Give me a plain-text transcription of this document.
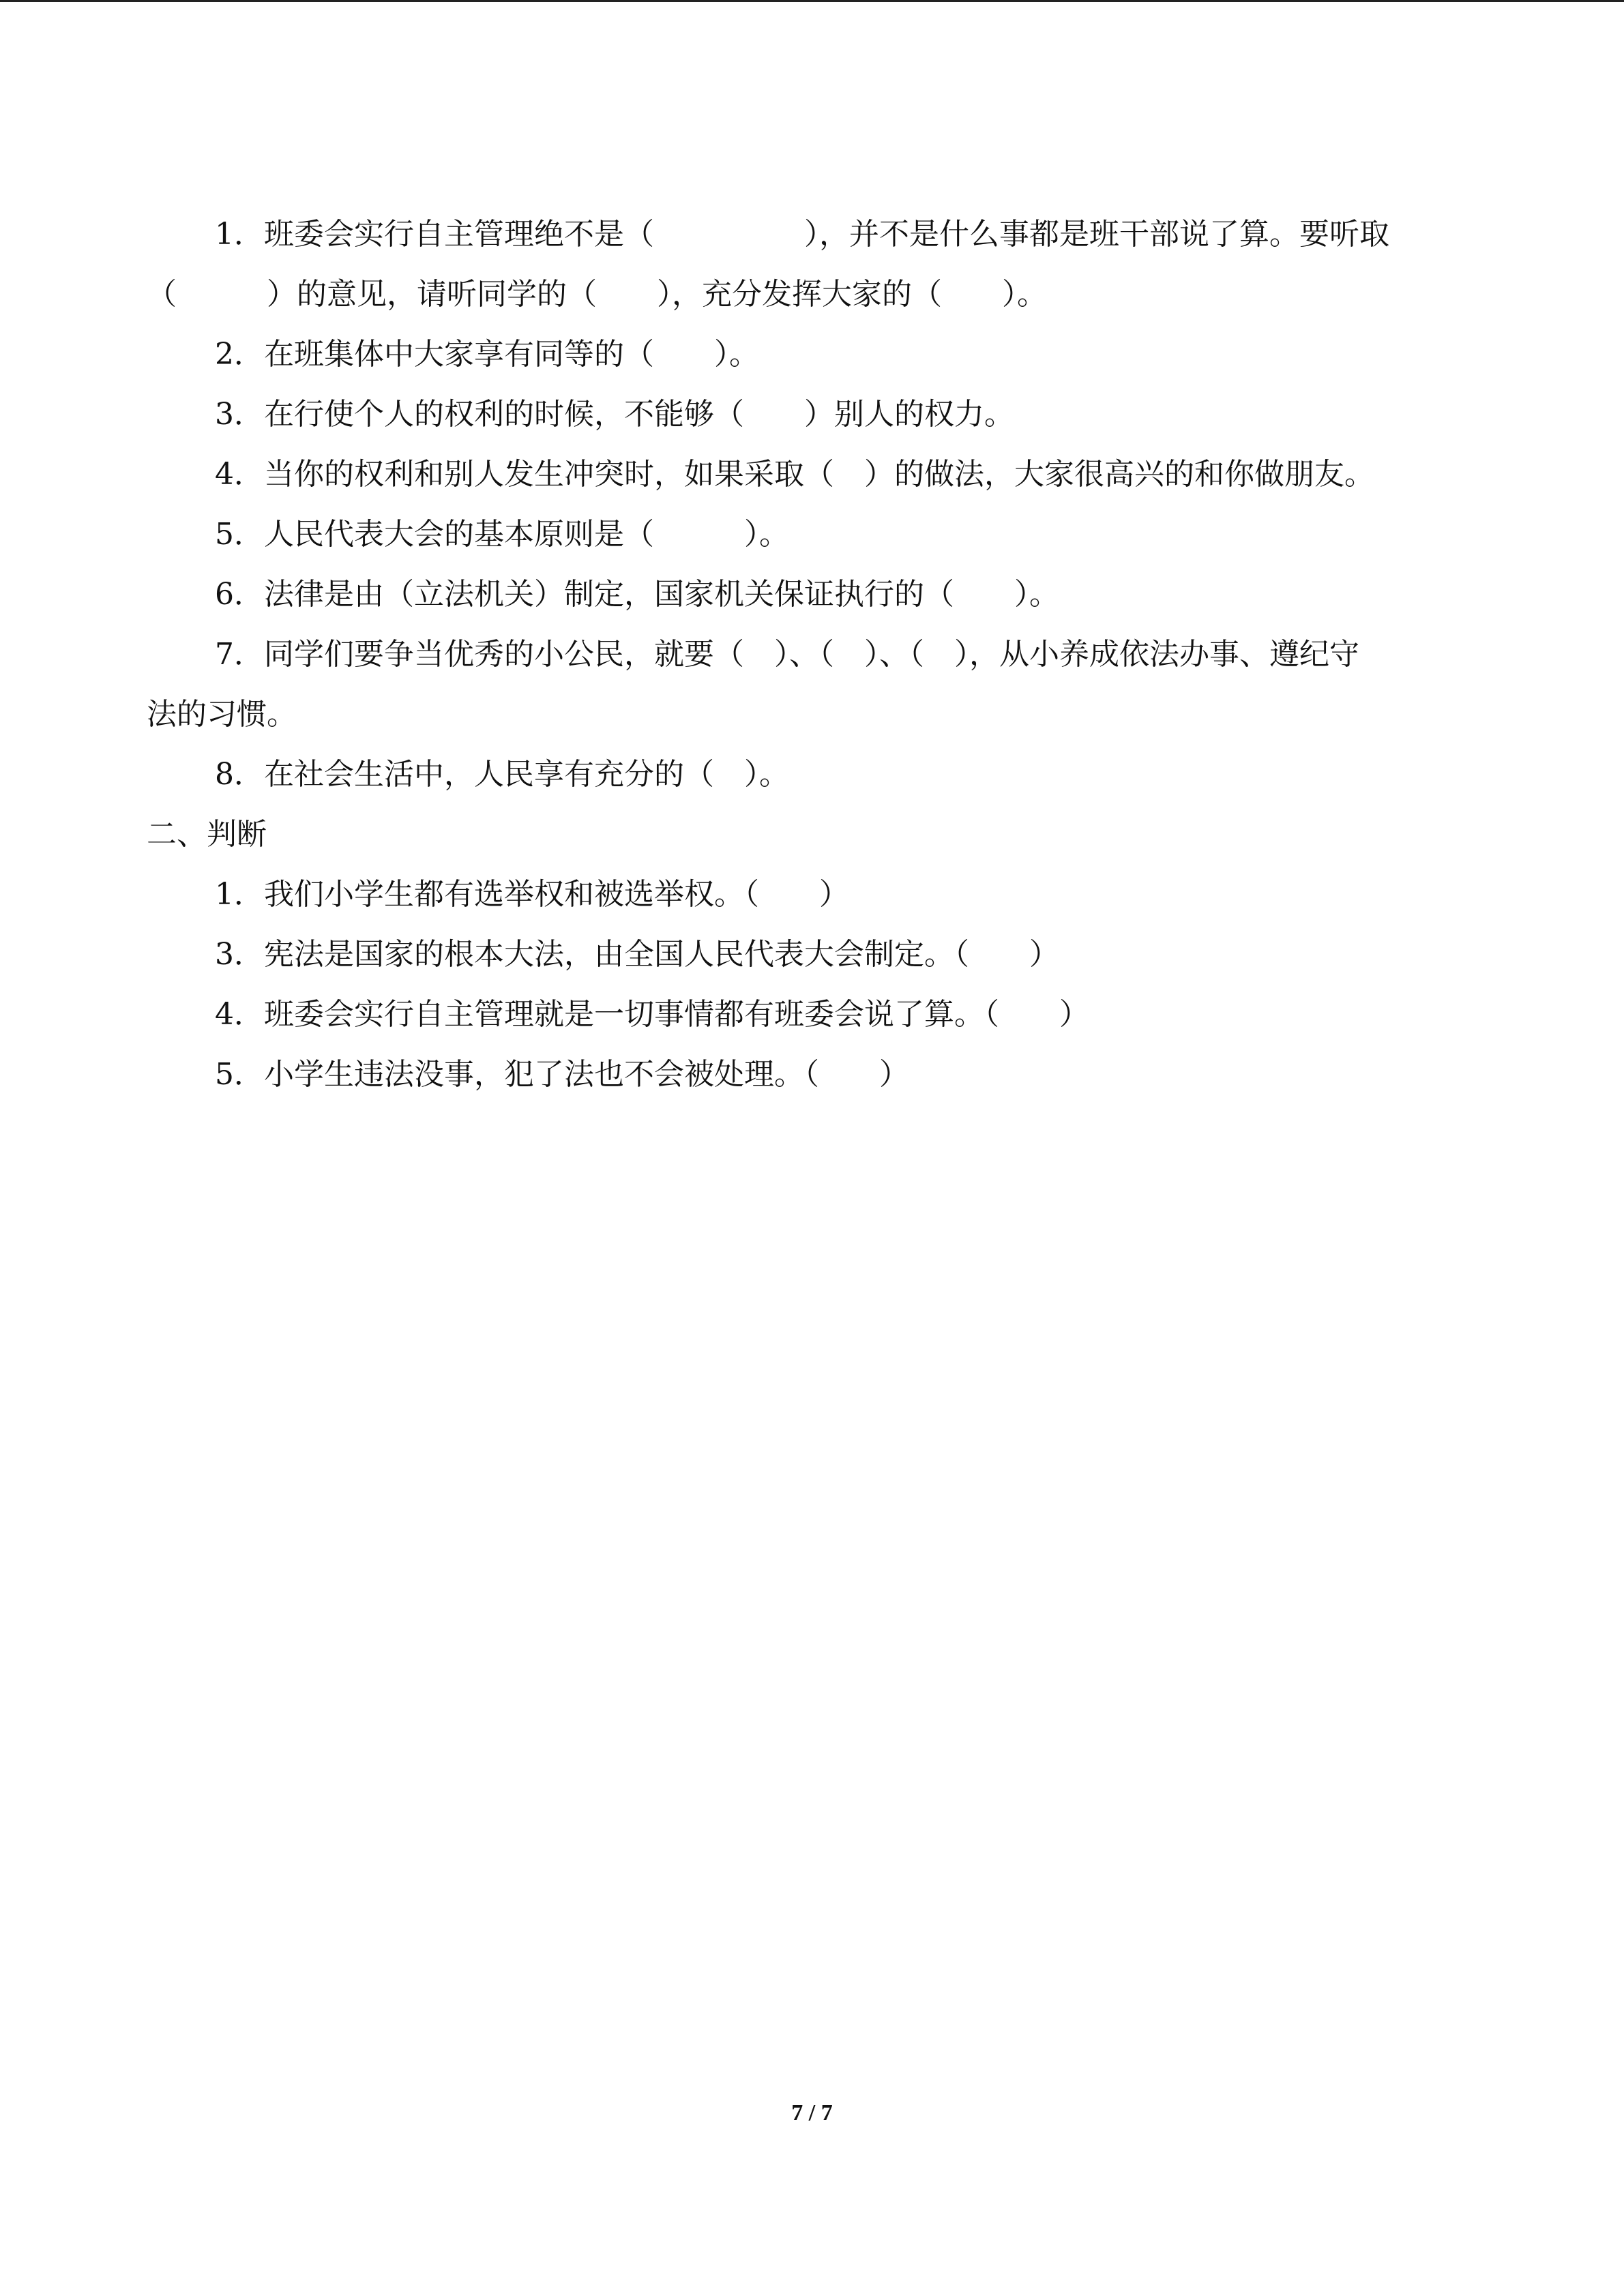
1．班委会实行自主管理绝不是（　　　　　），并不是什么事都是班干部说了算。要听取
（　　　）的意见，请听同学的（　　），充分发挥大家的（　　）。
2．在班集体中大家享有同等的（　　）。
3．在行使个人的权利的时候，不能够（　　）别人的权力。
4．当你的权利和别人发生冲突时，如果采取（　）的做法，大家很高兴的和你做朋友。
5．人民代表大会的基本原则是（　　　）。
6．法律是由（立法机关）制定，国家机关保证执行的（　　）。
7．同学们要争当优秀的小公民，就要（　）、（　）、（　），从小养成依法办事、遵纪守
法的习惯。
8．在社会生活中，人民享有充分的（　）。
二、判断
1．我们小学生都有选举权和被选举权。（　　）
3．宪法是国家的根本大法，由全国人民代表大会制定。（　　）
4．班委会实行自主管理就是一切事情都有班委会说了算。（　　）
5．小学生违法没事，犯了法也不会被处理。（　　）
7 / 7
